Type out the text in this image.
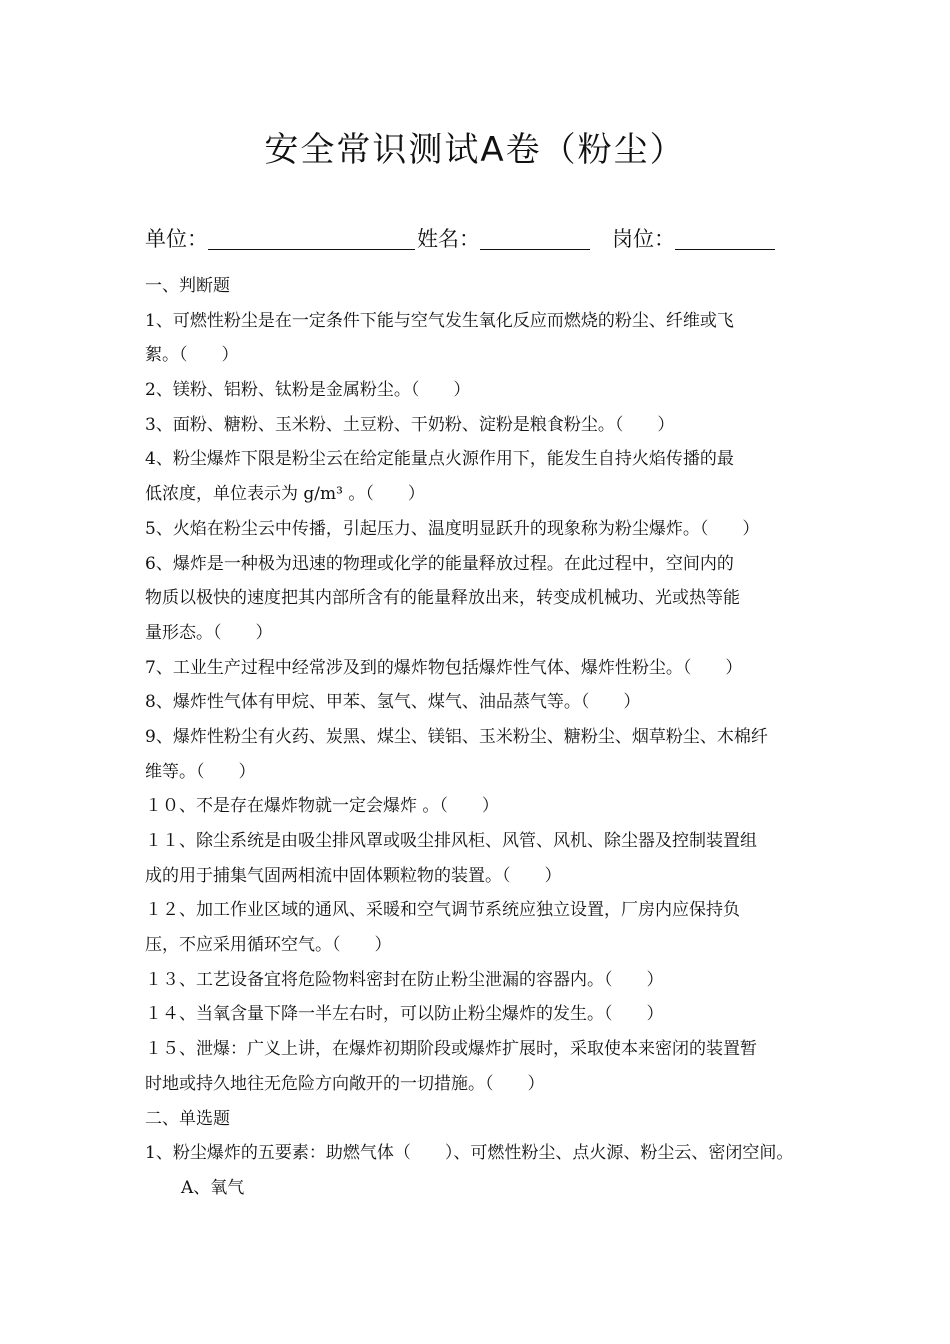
安全常识测试A卷（粉尘）
单位：	姓名：	岗位：
一、判断题
1、可燃性粉尘是在一定条件下能与空气发生氧化反应而燃烧的粉尘、纤维或飞
絮。（　　）
2、镁粉、铝粉、钛粉是金属粉尘。（　　）
3、面粉、糖粉、玉米粉、土豆粉、干奶粉、淀粉是粮食粉尘。（　　）
4、粉尘爆炸下限是粉尘云在给定能量点火源作用下，能发生自持火焰传播的最
低浓度，单位表示为 g/m³ 。（　　）
5、火焰在粉尘云中传播，引起压力、温度明显跃升的现象称为粉尘爆炸。（　　）
6、爆炸是一种极为迅速的物理或化学的能量释放过程。在此过程中，空间内的
物质以极快的速度把其内部所含有的能量释放出来，转变成机械功、光或热等能
量形态。（　　）
7、工业生产过程中经常涉及到的爆炸物包括爆炸性气体、爆炸性粉尘。（　　）
8、爆炸性气体有甲烷、甲苯、氢气、煤气、油品蒸气等。（　　）
9、爆炸性粉尘有火药、炭黑、煤尘、镁铝、玉米粉尘、糖粉尘、烟草粉尘、木棉纤
维等。（　　）
１０、不是存在爆炸物就一定会爆炸 。（　　）
１１、除尘系统是由吸尘排风罩或吸尘排风柜、风管、风机、除尘器及控制装置组
成的用于捕集气固两相流中固体颗粒物的装置。（　　）
１２、加工作业区域的通风、采暖和空气调节系统应独立设置，厂房内应保持负
压，不应采用循环空气。（　　）
１３、工艺设备宜将危险物料密封在防止粉尘泄漏的容器内。（　　）
１４、当氧含量下降一半左右时，可以防止粉尘爆炸的发生。（　　）
１５、泄爆：广义上讲，在爆炸初期阶段或爆炸扩展时，采取使本来密闭的装置暂
时地或持久地往无危险方向敞开的一切措施。（　　）
二、单选题
1、粉尘爆炸的五要素：助燃气体（　　）、可燃性粉尘、点火源、粉尘云、密闭空间。
A、氧气
